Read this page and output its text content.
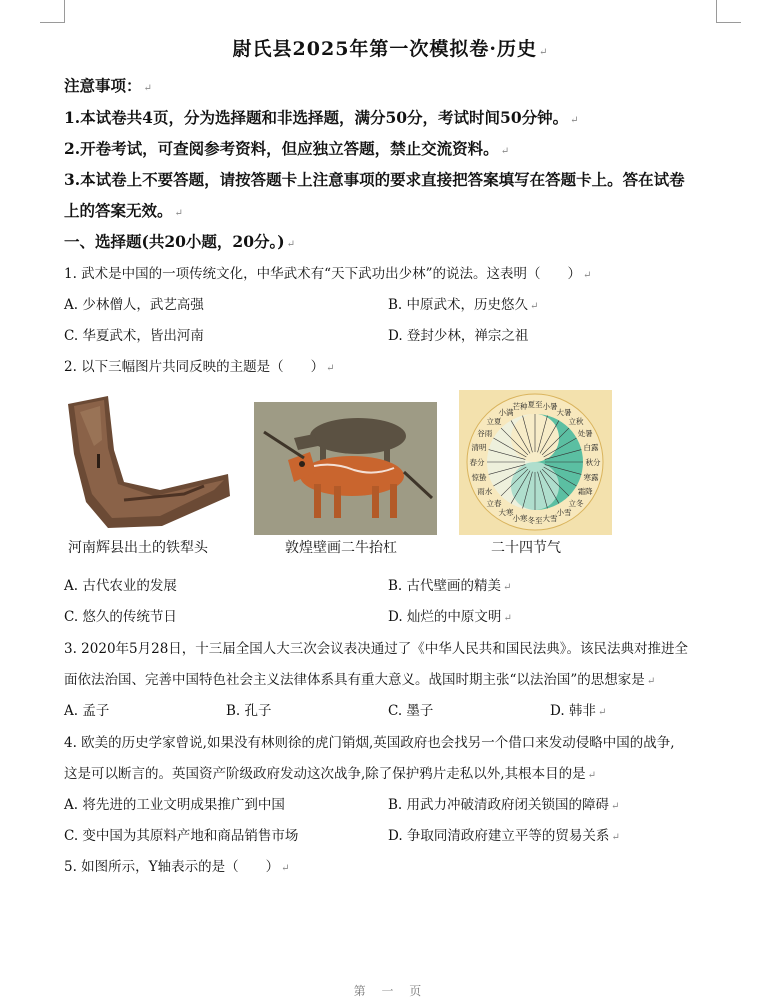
尉氏县2025年第一次模拟卷·历史 ↵
注意事项： ↵
1.本试卷共4页，分为选择题和非选择题，满分50分，考试时间50分钟。 ↵
2.开卷考试，可查阅参考资料，但应独立答题，禁止交流资料。 ↵
3.本试卷上不要答题，请按答题卡上注意事项的要求直接把答案填写在答题卡上。答在试卷
上的答案无效。 ↵
一、选择题(共20小题，20分。) ↵
1. 武术是中国的一项传统文化，中华武术有“天下武功出少林”的说法。这表明（　　） ↵
A. 少林僧人，武艺高强	B. 中原武术，历史悠久 ↵
C. 华夏武术，皆出河南	D. 登封少林，禅宗之祖
2. 以下三幅图片共同反映的主题是（　　） ↵
夏至 小暑
大暑
立秋
处暑
白露
秋分
寒露
霜降
立冬
小雪
大雪
冬至
小寒
大寒
立春
雨水
惊蛰
春分
清明
谷雨
立夏
小满
芒种
河南辉县出土的铁犁头	敦煌壁画二牛抬杠	二十四节气
A. 古代农业的发展	B. 古代壁画的精美 ↵
C. 悠久的传统节日	D. 灿烂的中原文明 ↵
3. 2020年5月28日，十三届全国人大三次会议表决通过了《中华人民共和国民法典》。该民法典对推进全
面依法治国、完善中国特色社会主义法律体系具有重大意义。战国时期主张“以法治国”的思想家是 ↵
A. 孟子	B. 孔子	C. 墨子	D. 韩非 ↵
4. 欧美的历史学家曾说,如果没有林则徐的虎门销烟,英国政府也会找另一个借口来发动侵略中国的战争,
这是可以断言的。英国资产阶级政府发动这次战争,除了保护鸦片走私以外,其根本目的是 ↵
A. 将先进的工业文明成果推广到中国	B. 用武力冲破清政府闭关锁国的障碍 ↵
C. 变中国为其原料产地和商品销售市场	D. 争取同清政府建立平等的贸易关系 ↵
5. 如图所示，Y轴表示的是（　　） ↵
第 一 页
